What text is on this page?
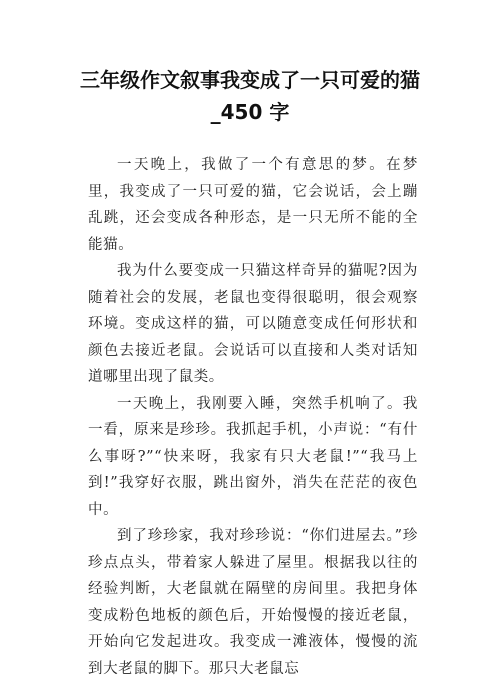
三年级作文叙事我变成了一只可爱的猫
_450 字

一天晚上，我做了一个有意思的梦。在梦里，我变成了一只可爱的猫，它会说话，会上蹦乱跳，还会变成各种形态，是一只无所不能的全能猫。

我为什么要变成一只猫这样奇异的猫呢?因为随着社会的发展，老鼠也变得很聪明，很会观察环境。变成这样的猫，可以随意变成任何形状和颜色去接近老鼠。会说话可以直接和人类对话知道哪里出现了鼠类。

一天晚上，我刚要入睡，突然手机响了。我一看，原来是珍珍。我抓起手机，小声说：“有什么事呀?”“快来呀，我家有只大老鼠!”“我马上到!”我穿好衣服，跳出窗外，消失在茫茫的夜色中。

到了珍珍家，我对珍珍说：“你们进屋去。”珍珍点点头，带着家人躲进了屋里。根据我以往的经验判断，大老鼠就在隔壁的房间里。我把身体变成粉色地板的颜色后，开始慢慢的接近老鼠，开始向它发起进攻。我变成一滩液体，慢慢的流到大老鼠的脚下。那只大老鼠忘
